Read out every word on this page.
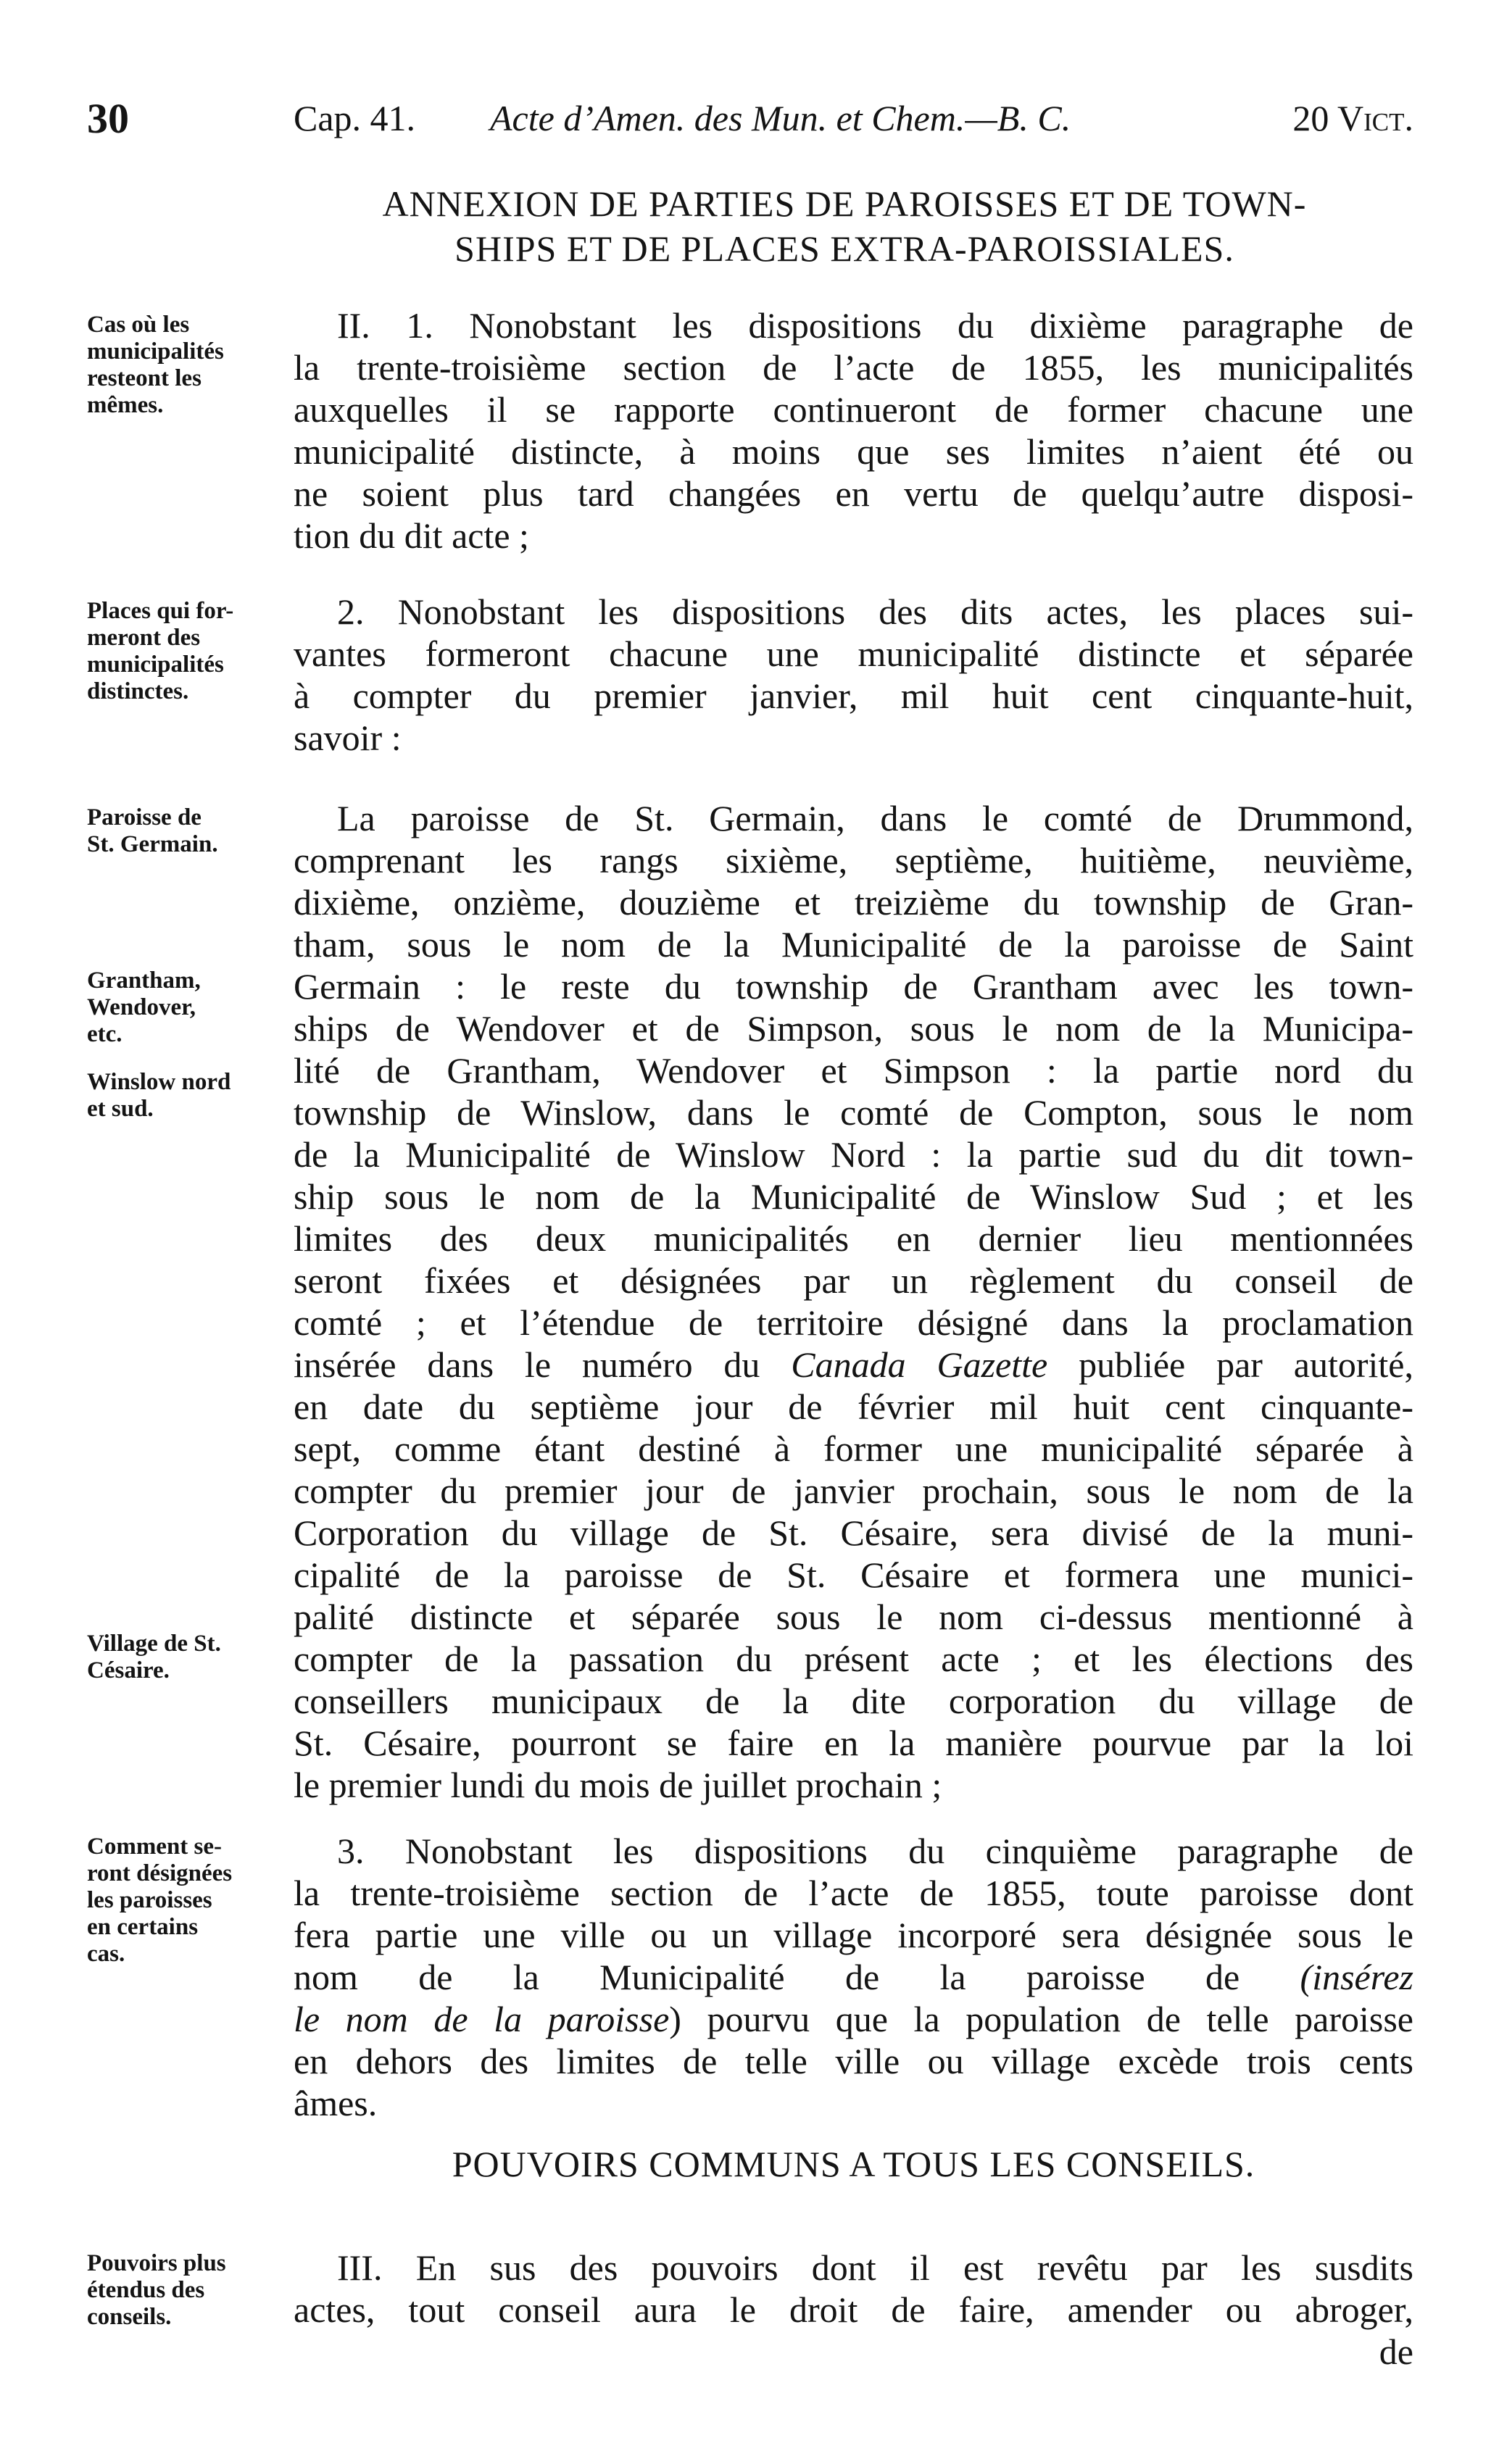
30	Cap. 41. Acte d’Amen. des Mun. et Chem.—B. C.	20 Vict.
ANNEXION DE PARTIES DE PAROISSES ET DE TOWN-
SHIPS ET DE PLACES EXTRA-PAROISSIALES.
Cas où les
municipalités
resteont les
mêmes.
Places qui for-
meront des
municipalités
distinctes.
Paroisse de
St. Germain.
Grantham,
Wendover,
etc.
Winslow nord
et sud.
Village de St.
Césaire.
Comment se-
ront désignées
les paroisses
en certains
cas.
Pouvoirs plus
étendus des
conseils.
II. 1. Nonobstant les dispositions du dixième paragraphe de
la trente-troisième section de l’acte de 1855, les municipalités
auxquelles il se rapporte continueront de former chacune une
municipalité distincte, à moins que ses limites n’aient été ou
ne soient plus tard changées en vertu de quelqu’autre disposi-
tion du dit acte ;
2. Nonobstant les dispositions des dits actes, les places sui-
vantes formeront chacune une municipalité distincte et séparée
à compter du premier janvier, mil huit cent cinquante-huit,
savoir :
La paroisse de St. Germain, dans le comté de Drummond,
comprenant les rangs sixième, septième, huitième, neuvième,
dixième, onzième, douzième et treizième du township de Gran-
tham, sous le nom de la Municipalité de la paroisse de Saint
Germain : le reste du township de Grantham avec les town-
ships de Wendover et de Simpson, sous le nom de la Municipa-
lité de Grantham, Wendover et Simpson : la partie nord du
township de Winslow, dans le comté de Compton, sous le nom
de la Municipalité de Winslow Nord : la partie sud du dit town-
ship sous le nom de la Municipalité de Winslow Sud ; et les
limites des deux municipalités en dernier lieu mentionnées
seront fixées et désignées par un règlement du conseil de
comté ; et l’étendue de territoire désigné dans la proclamation
insérée dans le numéro du Canada Gazette publiée par autorité,
en date du septième jour de février mil huit cent cinquante-
sept, comme étant destiné à former une municipalité séparée à
compter du premier jour de janvier prochain, sous le nom de la
Corporation du village de St. Césaire, sera divisé de la muni-
cipalité de la paroisse de St. Césaire et formera une munici-
palité distincte et séparée sous le nom ci-dessus mentionné à
compter de la passation du présent acte ; et les élections des
conseillers municipaux de la dite corporation du village de
St. Césaire, pourront se faire en la manière pourvue par la loi
le premier lundi du mois de juillet prochain ;
3. Nonobstant les dispositions du cinquième paragraphe de
la trente-troisième section de l’acte de 1855, toute paroisse dont
fera partie une ville ou un village incorporé sera désignée sous le
nom de la Municipalité de la paroisse de (insérez
le nom de la paroisse) pourvu que la population de telle paroisse
en dehors des limites de telle ville ou village excède trois cents
âmes.
POUVOIRS COMMUNS A TOUS LES CONSEILS.
III. En sus des pouvoirs dont il est revêtu par les susdits
actes, tout conseil aura le droit de faire, amender ou abroger,
de
